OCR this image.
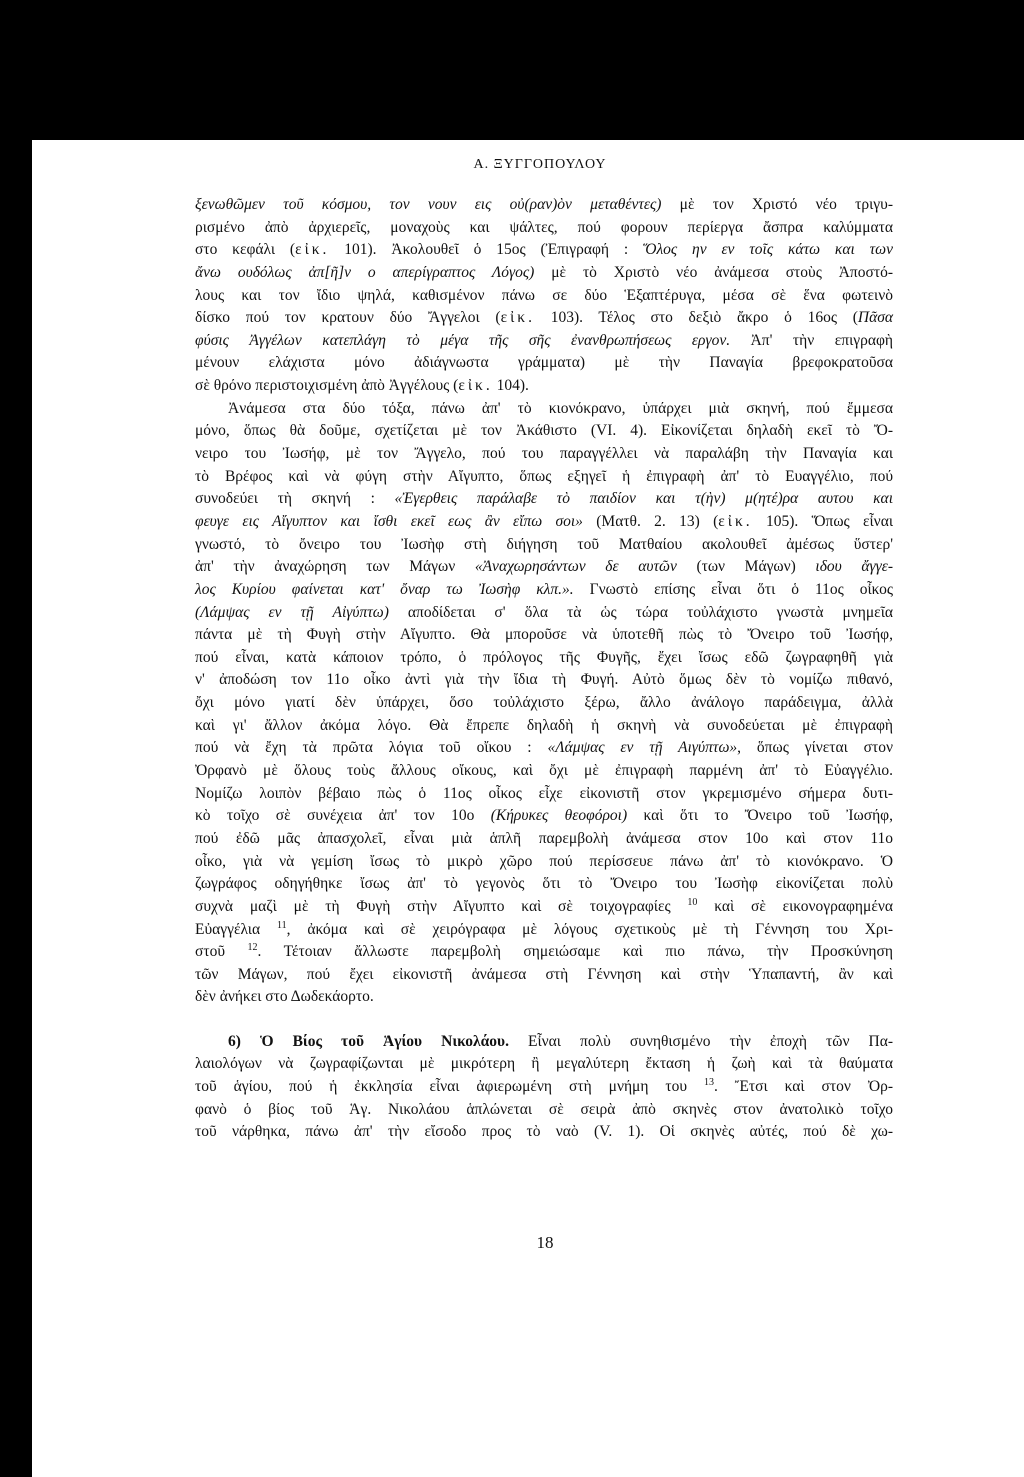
Α. ΞΥΓΓΟΠΟΥΛΟΥ
ξενωθῶμεν τοῦ κόσμου, τον νουν εις οὐ(ραν)ὸν μεταθέντες) μὲ τον Χριστό νέο τριγυ-
ρισμένο ἀπὸ ἀρχιερεῖς, μοναχοὺς και ψάλτες, πού φορουν περίεργα ἄσπρα καλύμματα
στο κεφάλι (εἰκ. 101). Ἀκολουθεῖ ὁ 15ος (Ἐπιγραφή : Ὅλος ην εν τοῖς κάτω και των
ἄνω ουδόλως ἀπ[ῆ]ν ο απερίγραπτος Λόγος) μὲ τὸ Χριστὸ νέο ἀνάμεσα στοὺς Ἀποστό-
λους και τον ἴδιο ψηλά, καθισμένον πάνω σε δύο Ἑξαπτέρυγα, μέσα σὲ ἕνα φωτεινὸ
δίσκο πού τον κρατουν δύο Ἄγγελοι (εἰκ. 103). Τέλος στο δεξιὸ ἄκρο ὁ 16ος (Πᾶσα
φύσις Ἀγγέλων κατεπλάγη τὸ μέγα τῆς σῆς ἐνανθρωπήσεως εργον. Ἀπ' τὴν επιγραφὴ
μένουν ελάχιστα μόνο ἀδιάγνωστα γράμματα) μὲ τὴν Παναγία βρεφοκρατοῦσα
σὲ θρόνο περιστοιχισμένη ἀπὸ Ἀγγέλους (εἰκ. 104).
Ἀνάμεσα στα δύο τόξα, πάνω ἀπ' τὸ κιονόκρανο, ὑπάρχει μιὰ σκηνή, πού ἔμμεσα
μόνο, ὅπως θὰ δοῦμε, σχετίζεται μὲ τον Ἀκάθιστο (VI. 4). Εἰκονίζεται δηλαδὴ εκεῖ τὸ Ὄ-
νειρο του Ἰωσήφ, μὲ τον Ἄγγελο, πού του παραγγέλλει νὰ παραλάβη τὴν Παναγία και
τὸ Βρέφος καὶ νὰ φύγη στὴν Αἴγυπτο, ὅπως εξηγεῖ ἡ ἐπιγραφὴ ἀπ' τὸ Ευαγγέλιο, πού
συνοδεύει τὴ σκηνή : «Ἐγερθεις παράλαβε τὸ παιδίον και τ(ὴν) μ(ητέ)ρα αυτου και
φευγε εις Αἴγυπτον και ἴσθι εκεῖ εως ἂν εἴπω σοι» (Ματθ. 2. 13) (εἰκ. 105). Ὅπως εἶναι
γνωστό, τὸ ὄνειρο του Ἰωσὴφ στὴ διήγηση τοῦ Ματθαίου ακολουθεῖ ἀμέσως ὕστερ'
ἀπ' τὴν ἀναχώρηση των Μάγων «Ἀναχωρησάντων δε αυτῶν (των Μάγων) ιδου ἄγγε-
λος Κυρίου φαίνεται κατ' ὄναρ τω Ἰωσὴφ κλπ.». Γνωστὸ επίσης εἶναι ὅτι ὁ 11ος οἶκος
(Λάμψας εν τῇ Αἰγύπτω) αποδίδεται σ' ὅλα τὰ ὡς τώρα τοὐλάχιστο γνωστὰ μνημεῖα
πάντα μὲ τὴ Φυγὴ στὴν Αἴγυπτο. Θὰ μποροῦσε νὰ ὑποτεθῆ πὼς τὸ Ὄνειρο τοῦ Ἰωσήφ,
πού εἶναι, κατὰ κάποιον τρόπο, ὁ πρόλογος τῆς Φυγῆς, ἔχει ἴσως εδῶ ζωγραφηθῆ γιὰ
ν' ἀποδώση τον 11ο οἶκο ἀντὶ γιὰ τὴν ἴδια τὴ Φυγή. Αὐτὸ ὅμως δὲν τὸ νομίζω πιθανό,
ὄχι μόνο γιατί δὲν ὑπάρχει, ὅσο τοὐλάχιστο ξέρω, ἄλλο ἀνάλογο παράδειγμα, ἀλλὰ
καὶ γι' ἄλλον ἀκόμα λόγο. Θὰ ἔπρεπε δηλαδὴ ἡ σκηνὴ νὰ συνοδεύεται μὲ ἐπιγραφὴ
πού νὰ ἔχη τὰ πρῶτα λόγια τοῦ οἴκου : «Λάμψας εν τῇ Αιγύπτω», ὅπως γίνεται στον
Ὀρφανὸ μὲ ὅλους τοὺς ἄλλους οἴκους, καὶ ὄχι μὲ ἐπιγραφὴ παρμένη ἀπ' τὸ Εὐαγγέλιο.
Νομίζω λοιπὸν βέβαιο πὼς ὁ 11ος οἶκος εἶχε εἰκονιστῆ στον γκρεμισμένο σήμερα δυτι-
κὸ τοῖχο σὲ συνέχεια ἀπ' τον 10ο (Κήρυκες θεοφόροι) καὶ ὅτι το Ὄνειρο τοῦ Ἰωσήφ,
πού ἐδῶ μᾶς ἀπασχολεῖ, εἶναι μιὰ ἁπλῆ παρεμβολὴ ἀνάμεσα στον 10ο καὶ στον 11ο
οἶκο, γιὰ νὰ γεμίση ἴσως τὸ μικρὸ χῶρο πού περίσσευε πάνω ἀπ' τὸ κιονόκρανο. Ὁ
ζωγράφος οδηγήθηκε ἴσως ἀπ' τὸ γεγονὸς ὅτι τὸ Ὄνειρο του Ἰωσὴφ εἰκονίζεται πολὺ
συχνὰ μαζὶ μὲ τὴ Φυγὴ στὴν Αἴγυπτο καὶ σὲ τοιχογραφίες $^{10}$ καὶ σὲ εικονογραφημένα
Εὐαγγέλια $^{11}$, ἀκόμα καὶ σὲ χειρόγραφα μὲ λόγους σχετικοὺς μὲ τὴ Γέννηση του Χρι-
στοῦ $^{12}$. Τέτοιαν ἄλλωστε παρεμβολὴ σημειώσαμε καὶ πιο πάνω, τὴν Προσκύνηση
τῶν Μάγων, πού ἔχει εἰκονιστῆ ἀνάμεσα στὴ Γέννηση καὶ στὴν Ὑπαπαντή, ἂν καὶ
δὲν ἀνήκει στο Δωδεκάορτο.
6) Ὁ Βίος τοῦ Ἁγίου Νικολάου. Εἶναι πολὺ συνηθισμένο τὴν ἐποχὴ τῶν Πα-
λαιολόγων νὰ ζωγραφίζωνται μὲ μικρότερη ἢ μεγαλύτερη ἔκταση ἡ ζωὴ καὶ τὰ θαύματα
τοῦ ἁγίου, πού ἡ ἐκκλησία εἶναι ἀφιερωμένη στὴ μνήμη του $^{13}$. Ἔτσι καὶ στον Ὀρ-
φανὸ ὁ βίος τοῦ Ἁγ. Νικολάου ἁπλώνεται σὲ σειρὰ ἀπὸ σκηνὲς στον ἀνατολικὸ τοῖχο
τοῦ νάρθηκα, πάνω ἀπ' τὴν εἴσοδο προς τὸ ναὸ (V. 1). Οἱ σκηνὲς αὐτές, πού δὲ χω-
18
